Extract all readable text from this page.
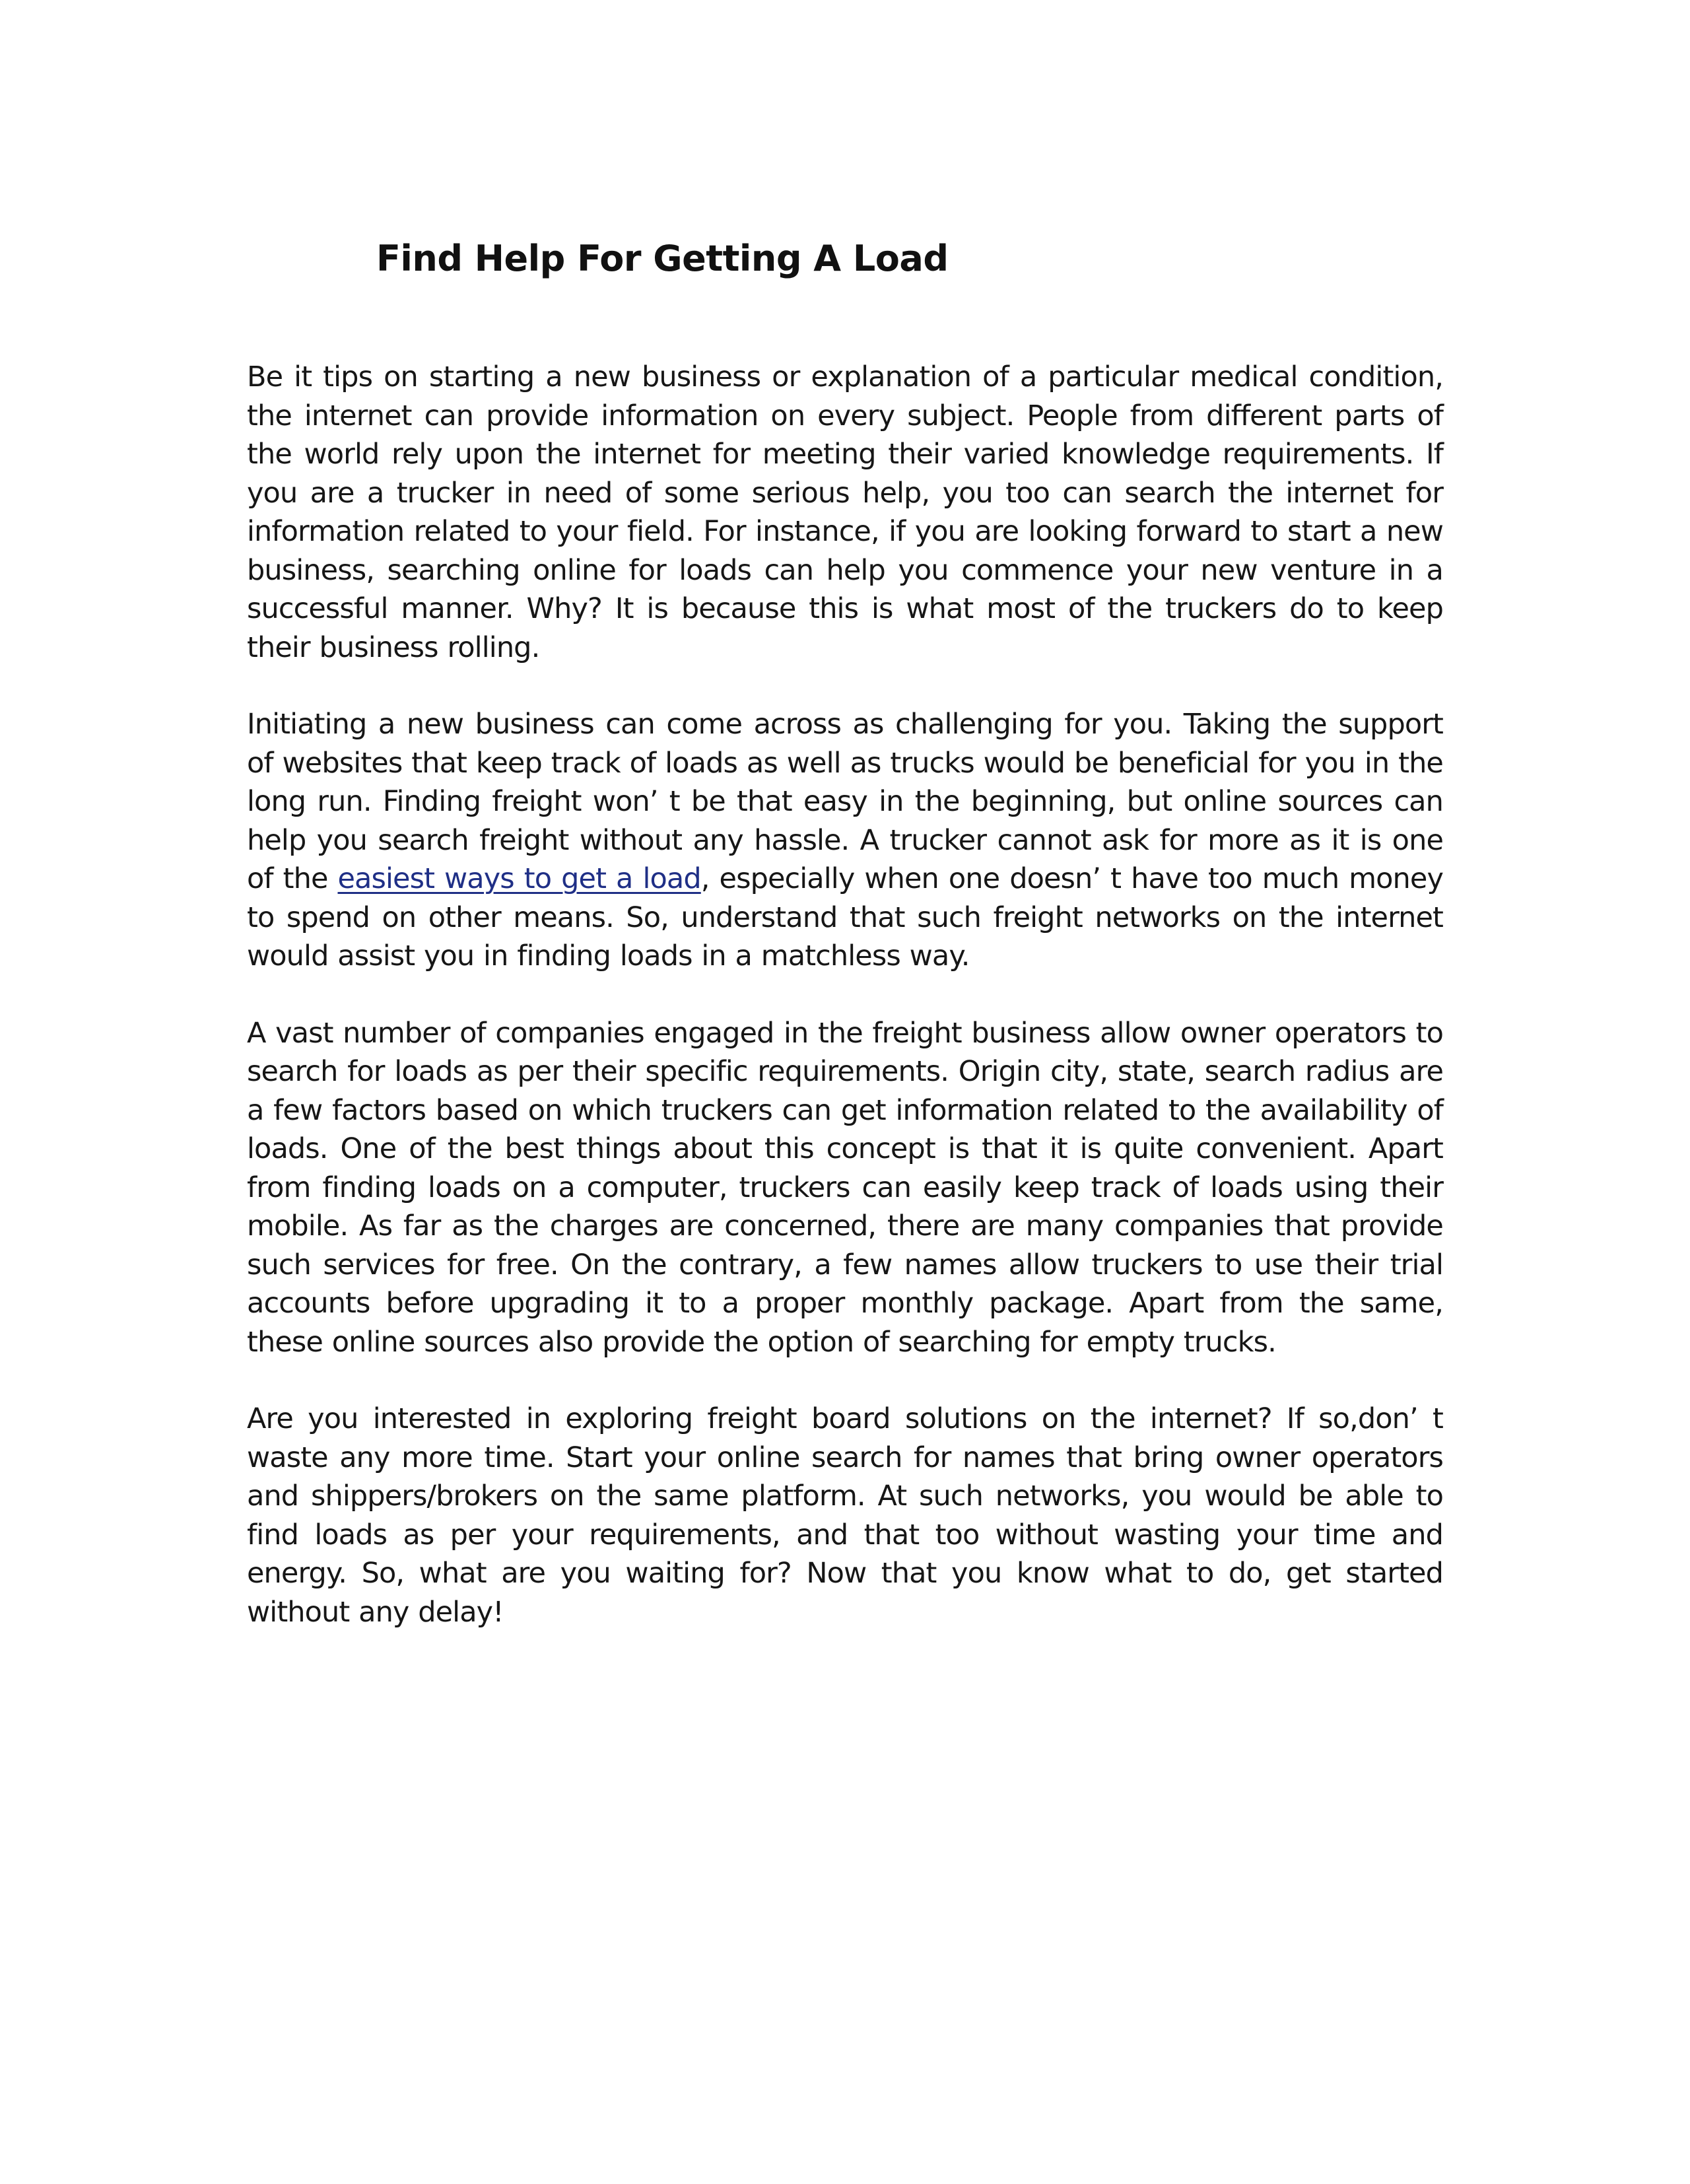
Find Help For Getting A Load

Be it tips on starting a new business or explanation of a particular medical condition, the internet can provide information on every subject. People from different parts of the world rely upon the internet for meeting their varied knowledge requirements. If you are a trucker in need of some serious help, you too can search the internet for information related to your field. For instance, if you are looking forward to start a new business, searching online for loads can help you commence your new venture in a successful manner. Why? It is because this is what most of the truckers do to keep their business rolling.

Initiating a new business can come across as challenging for you. Taking the support of websites that keep track of loads as well as trucks would be beneficial for you in the long run. Finding freight won’ t be that easy in the beginning, but online sources can help you search freight without any hassle. A trucker cannot ask for more as it is one of the easiest ways to get a load, especially when one doesn’ t have too much money to spend on other means. So, understand that such freight networks on the internet would assist you in finding loads in a matchless way.

A vast number of companies engaged in the freight business allow owner operators to search for loads as per their specific requirements. Origin city, state, search radius are a few factors based on which truckers can get information related to the availability of loads. One of the best things about this concept is that it is quite convenient. Apart from finding loads on a computer, truckers can easily keep track of loads using their mobile. As far as the charges are concerned, there are many companies that provide such services for free. On the contrary, a few names allow truckers to use their trial accounts before upgrading it to a proper monthly package. Apart from the same, these online sources also provide the option of searching for empty trucks.

Are you interested in exploring freight board solutions on the internet? If so,don’ t waste any more time. Start your online search for names that bring owner operators and shippers/brokers on the same platform. At such networks, you would be able to find loads as per your requirements, and that too without wasting your time and energy. So, what are you waiting for? Now that you know what to do, get started without any delay!
